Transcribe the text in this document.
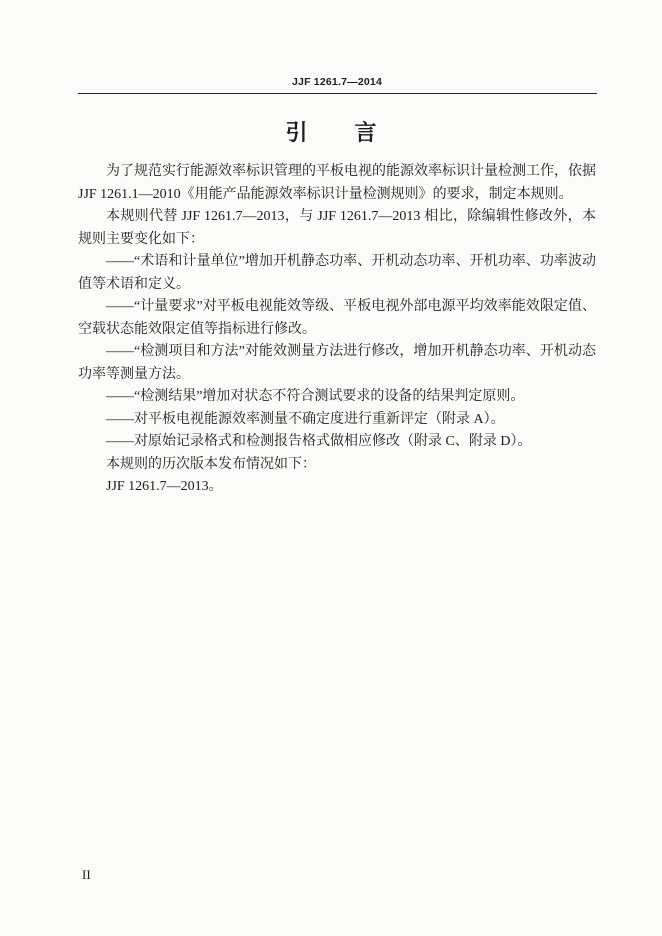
JJF 1261.7—2014
引　言
为了规范实行能源效率标识管理的平板电视的能源效率标识计量检测工作，依据
JJF 1261.1—2010《用能产品能源效率标识计量检测规则》的要求，制定本规则。
本规则代替 JJF 1261.7—2013，与 JJF 1261.7—2013 相比，除编辑性修改外，本
规则主要变化如下：
——“术语和计量单位”增加开机静态功率、开机动态功率、开机功率、功率波动
值等术语和定义。
——“计量要求”对平板电视能效等级、平板电视外部电源平均效率能效限定值、
空载状态能效限定值等指标进行修改。
——“检测项目和方法”对能效测量方法进行修改，增加开机静态功率、开机动态
功率等测量方法。
——“检测结果”增加对状态不符合测试要求的设备的结果判定原则。
——对平板电视能源效率测量不确定度进行重新评定（附录 A）。
——对原始记录格式和检测报告格式做相应修改（附录 C、附录 D）。
本规则的历次版本发布情况如下：
JJF 1261.7—2013。
II
